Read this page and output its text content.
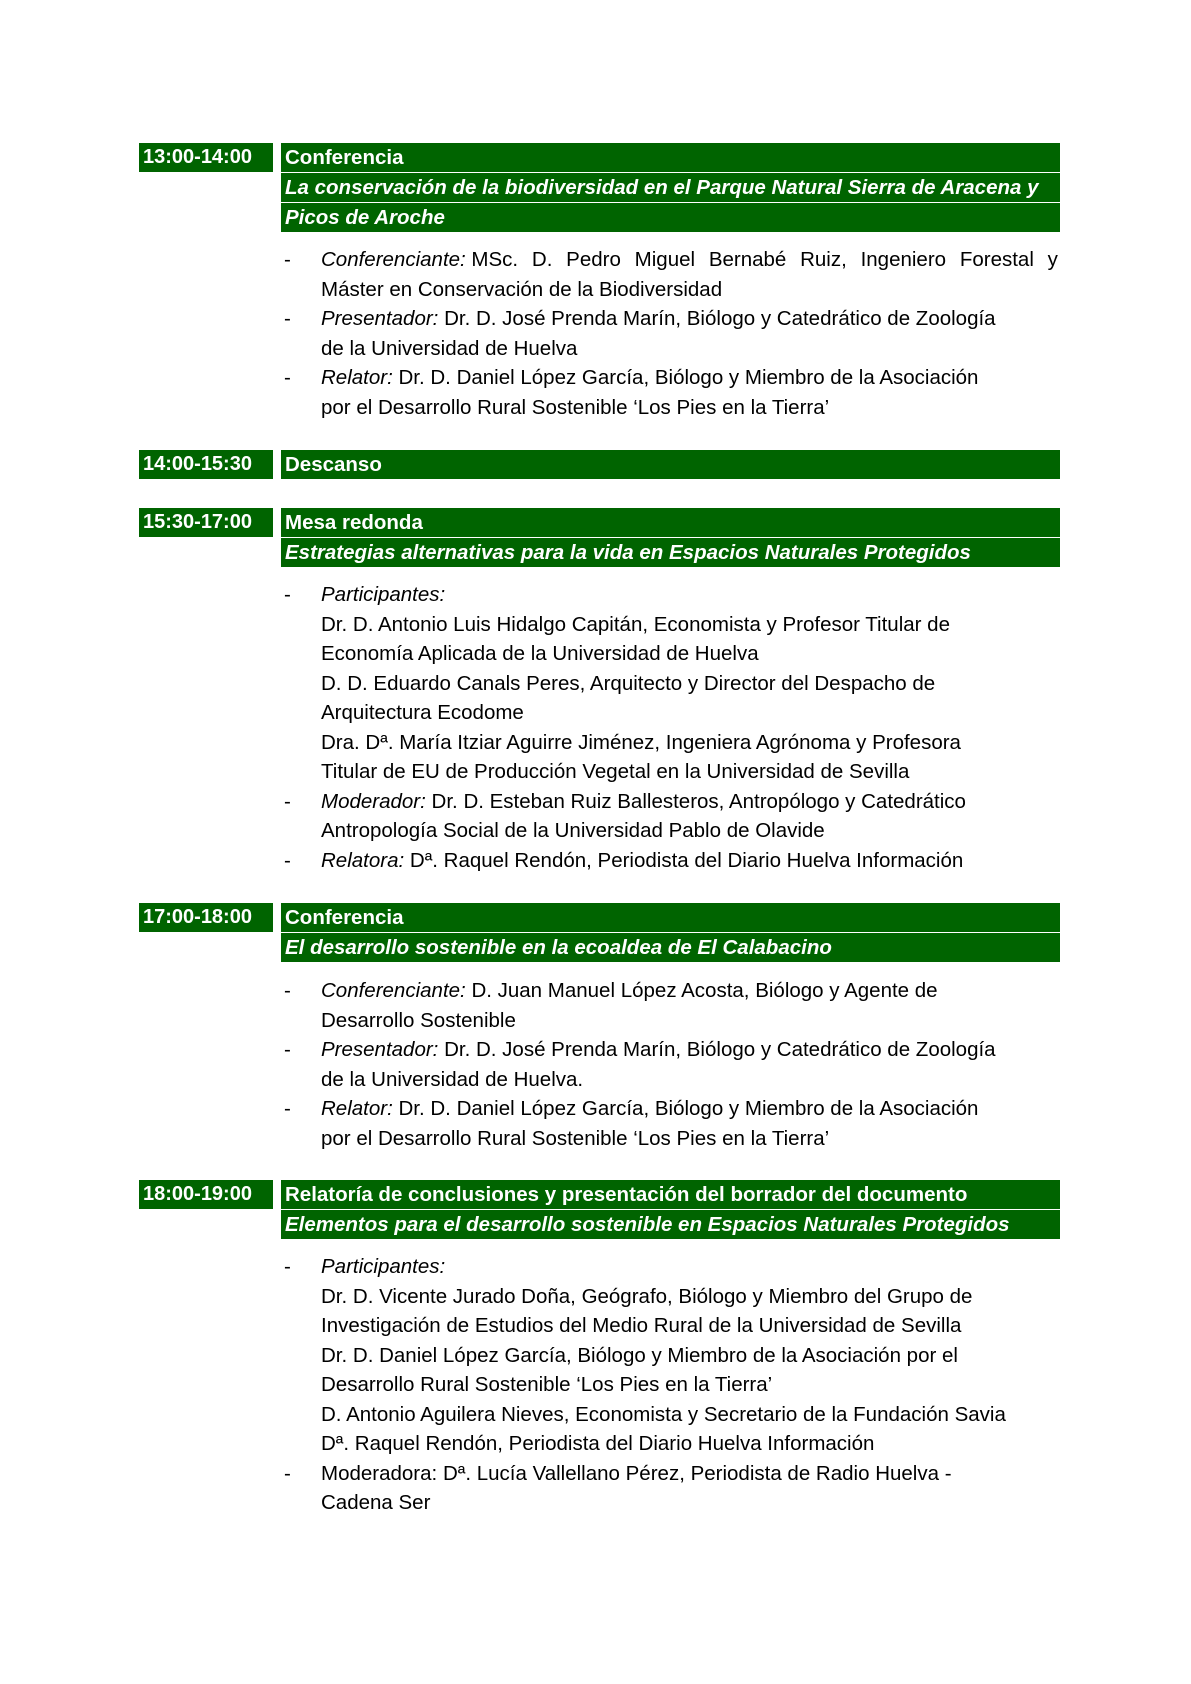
13:00-14:00	Conferencia
La conservación de la biodiversidad en el Parque Natural Sierra de Aracena y
Picos de Aroche
- Conferenciante: MSc. D. Pedro Miguel Bernabé Ruiz, Ingeniero Forestal y
Máster en Conservación de la Biodiversidad
- Presentador: Dr. D. José Prenda Marín, Biólogo y Catedrático de Zoología
de la Universidad de Huelva
- Relator: Dr. D. Daniel López García, Biólogo y Miembro de la Asociación
por el Desarrollo Rural Sostenible ‘Los Pies en la Tierra’
14:00-15:30	Descanso
15:30-17:00	Mesa redonda
Estrategias alternativas para la vida en Espacios Naturales Protegidos
- Participantes:
Dr. D. Antonio Luis Hidalgo Capitán, Economista y Profesor Titular de
Economía Aplicada de la Universidad de Huelva
D. D. Eduardo Canals Peres, Arquitecto y Director del Despacho de
Arquitectura Ecodome
Dra. Dª. María Itziar Aguirre Jiménez, Ingeniera Agrónoma y Profesora
Titular de EU de Producción Vegetal en la Universidad de Sevilla
- Moderador: Dr. D. Esteban Ruiz Ballesteros, Antropólogo y Catedrático
Antropología Social de la Universidad Pablo de Olavide
- Relatora: Dª. Raquel Rendón, Periodista del Diario Huelva Información
17:00-18:00	Conferencia
El desarrollo sostenible en la ecoaldea de El Calabacino
- Conferenciante: D. Juan Manuel López Acosta, Biólogo y Agente de
Desarrollo Sostenible
- Presentador: Dr. D. José Prenda Marín, Biólogo y Catedrático de Zoología
de la Universidad de Huelva.
- Relator: Dr. D. Daniel López García, Biólogo y Miembro de la Asociación
por el Desarrollo Rural Sostenible ‘Los Pies en la Tierra’
18:00-19:00	Relatoría de conclusiones y presentación del borrador del documento
Elementos para el desarrollo sostenible en Espacios Naturales Protegidos
- Participantes:
Dr. D. Vicente Jurado Doña, Geógrafo, Biólogo y Miembro del Grupo de
Investigación de Estudios del Medio Rural de la Universidad de Sevilla
Dr. D. Daniel López García, Biólogo y Miembro de la Asociación por el
Desarrollo Rural Sostenible ‘Los Pies en la Tierra’
D. Antonio Aguilera Nieves, Economista y Secretario de la Fundación Savia
Dª. Raquel Rendón, Periodista del Diario Huelva Información
- Moderadora: Dª. Lucía Vallellano Pérez, Periodista de Radio Huelva -
Cadena Ser
